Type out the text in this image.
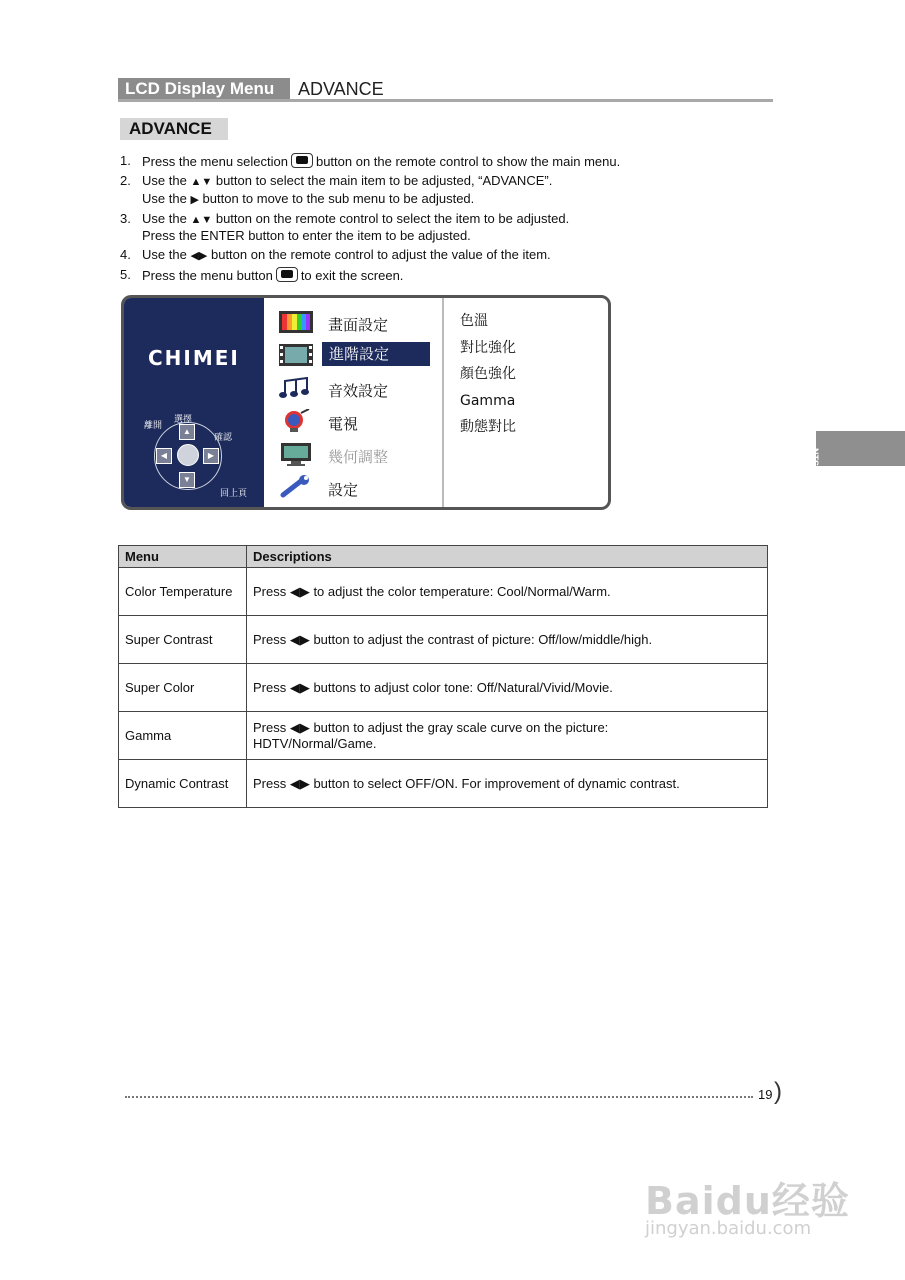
LCD Display Menu	ADVANCE
ADVANCE
1. Press the menu selection button on the remote control to show the main menu.
2. Use the ▲▼ button to select the main item to be adjusted, “ADVANCE”.
Use the ▶ button to move to the sub menu to be adjusted.
3. Use the ▲▼ button on the remote control to select the item to be adjusted.
Press the ENTER button to enter the item to be adjusted.
4. Use the ◀▶ button on the remote control to adjust the value of the item.
5. Press the menu button to exit the screen.
CHIMEI
離開
選擇
確認
回上頁
▲
▼
◀	▶
畫面設定
進階設定
音效設定
電視
幾何調整
設定
色溫
對比強化
顏色強化
Gamma
動態對比
Menu	Descriptions
Color Temperature	Press ◀▶ to adjust the color temperature: Cool/Normal/Warm.
Super Contrast	Press ◀▶ button to adjust the contrast of picture: Off/low/middle/high.
Super Color	Press ◀▶ buttons to adjust color tone: Off/Natural/Vivid/Movie.
Gamma	Press ◀▶ button to adjust the gray scale curve on the picture:
HDTV/Normal/Game.
Dynamic Contrast	Press ◀▶ button to select OFF/ON. For improvement of dynamic contrast.
NTSC
19 )
Baidu经验
jingyan.baidu.com
